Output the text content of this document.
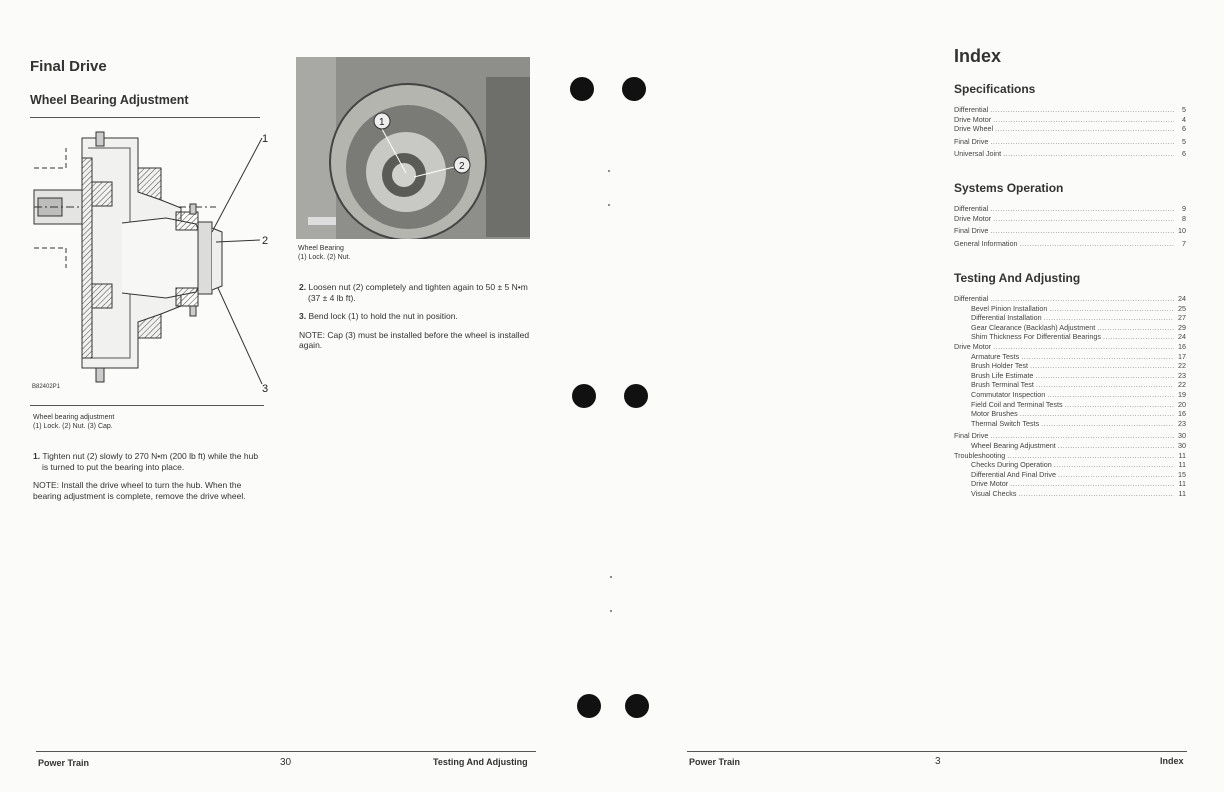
Final Drive
Wheel Bearing Adjustment
1
2
3
B82402P1
Wheel bearing adjustment
(1) Lock. (2) Nut. (3) Cap.

1. Tighten nut (2) slowly to 270 N•m (200 lb ft) while the hub is turned to put the bearing into place.

NOTE: Install the drive wheel to turn the hub. When the bearing adjustment is complete, remove the drive wheel.

1
2
Wheel Bearing
(1) Lock. (2) Nut.

2. Loosen nut (2) completely and tighten again to 50 ± 5 N•m (37 ± 4 lb ft).

3. Bend lock (1) to hold the nut in position.

NOTE: Cap (3) must be installed before the wheel is installed again.

Power Train	30	Testing And Adjusting
Index
Specifications
Differential .....	5
Drive Motor .....	4
Drive Wheel .....	6
Final Drive .....	5
Universal Joint .....	6
Systems Operation
Differential .....	9
Drive Motor .....	8
Final Drive .....	10
General Information .....	7
Testing And Adjusting
Differential .....	24
Bevel Pinion Installation .....	25
Differential Installation .....	27
Gear Clearance (Backlash) Adjustment .....	29
Shim Thickness For Differential Bearings .....	24
Drive Motor .....	16
Armature Tests .....	17
Brush Holder Test .....	22
Brush Life Estimate .....	23
Brush Terminal Test .....	22
Commutator Inspection .....	19
Field Coil and Terminal Tests .....	20
Motor Brushes .....	16
Thermal Switch Tests .....	23
Final Drive .....	30
Wheel Bearing Adjustment .....	30
Troubleshooting .....	11
Checks During Operation .....	11
Differential And Final Drive .....	15
Drive Motor .....	11
Visual Checks .....	11
Power Train	3	Index
